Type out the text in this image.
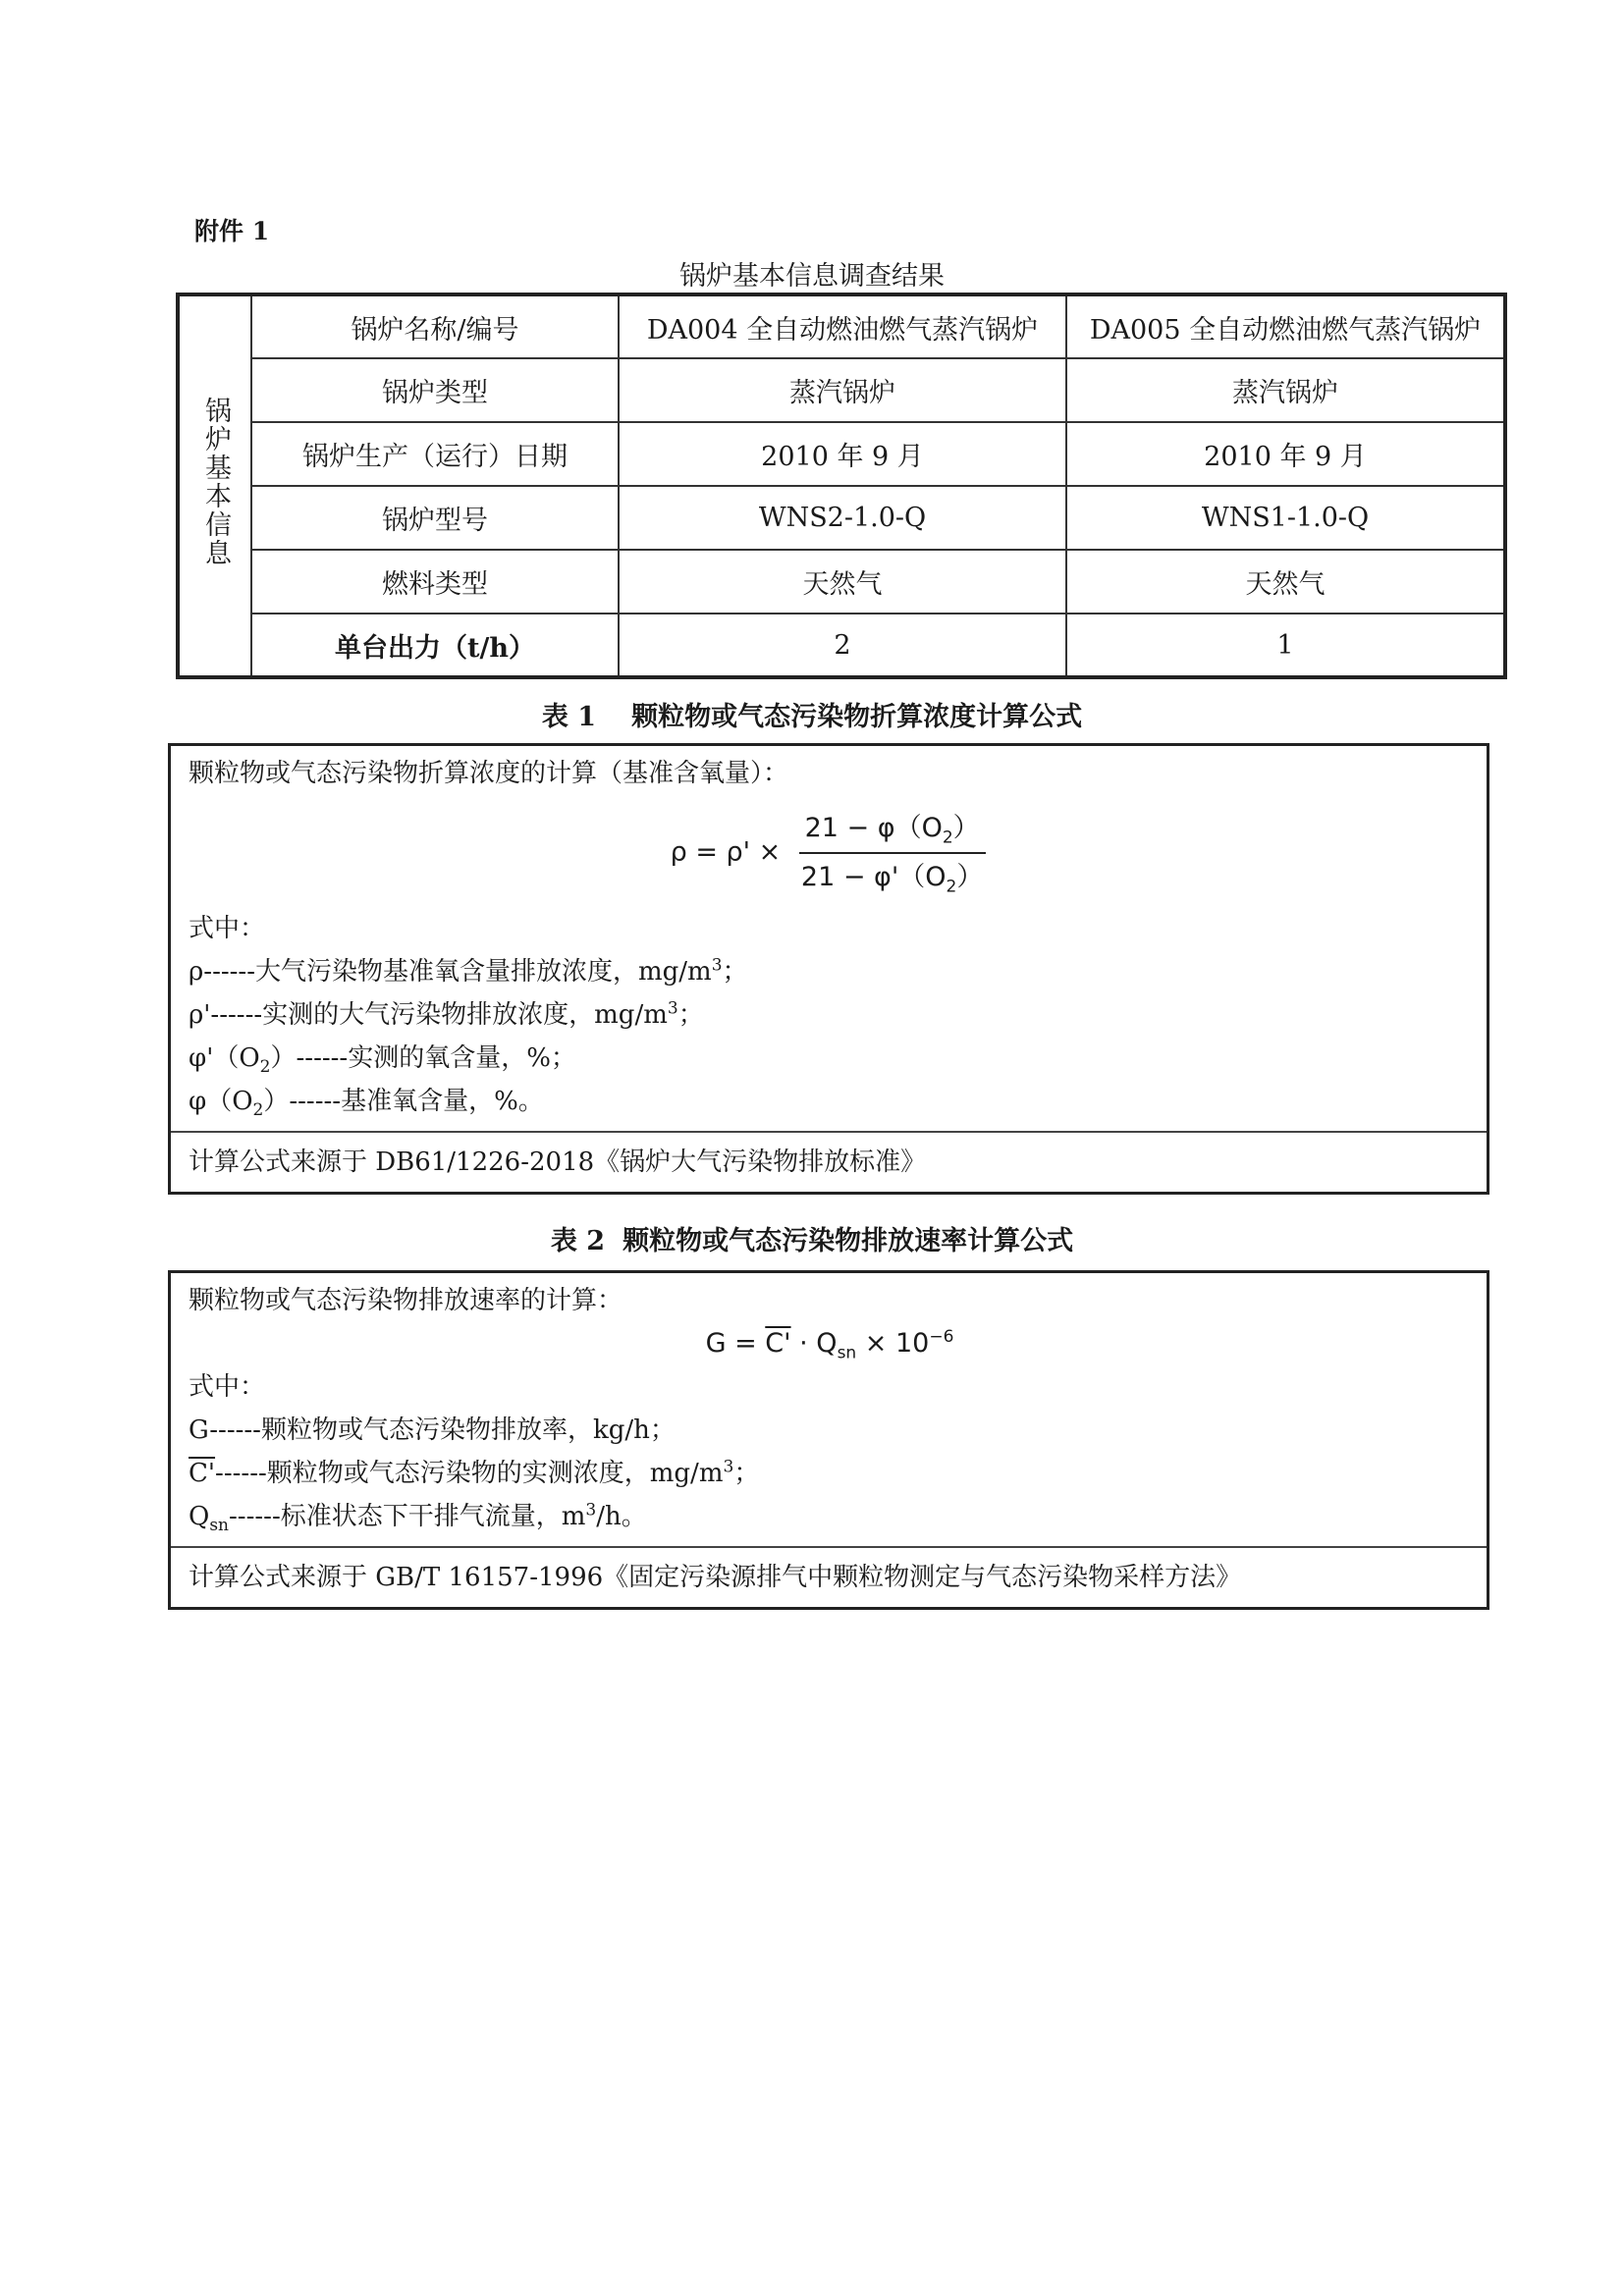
附件 1
锅炉基本信息调查结果
锅炉基本信息	锅炉名称/编号	DA004 全自动燃油燃气蒸汽锅炉	DA005 全自动燃油燃气蒸汽锅炉
	锅炉类型	蒸汽锅炉	蒸汽锅炉
	锅炉生产（运行）日期	2010 年 9 月	2010 年 9 月
	锅炉型号	WNS2-1.0-Q	WNS1-1.0-Q
	燃料类型	天然气	天然气
	单台出力（t/h）	2	1
表 1 颗粒物或气态污染物折算浓度计算公式
颗粒物或气态污染物折算浓度的计算（基准含氧量）：
$\rho = \rho' \times \frac{21 - \varphi(O_2)}{21 - \varphi'(O_2)}$
式中：
ρ------大气污染物基准氧含量排放浓度，$mg/m^3$；
ρ'------实测的大气污染物排放浓度，$mg/m^3$；
$\varphi'(O_2)------$实测的氧含量，%；
$\varphi(O_2)------$基准氧含量，%。
计算公式来源于 DB61/1226-2018《锅炉大气污染物排放标准》
表 2 颗粒物或气态污染物排放速率计算公式
颗粒物或气态污染物排放速率的计算：
$G = C' \cdot Q_{sn} \times 10^{-6}$
式中：
G------颗粒物或气态污染物排放率，kg/h；
C'------颗粒物或气态污染物的实测浓度，$mg/m^3$；
$Q_{sn}------$标准状态下干排气流量，$m^3/h$。
计算公式来源于 GB/T 16157-1996《固定污染源排气中颗粒物测定与气态污染物采样方法》
